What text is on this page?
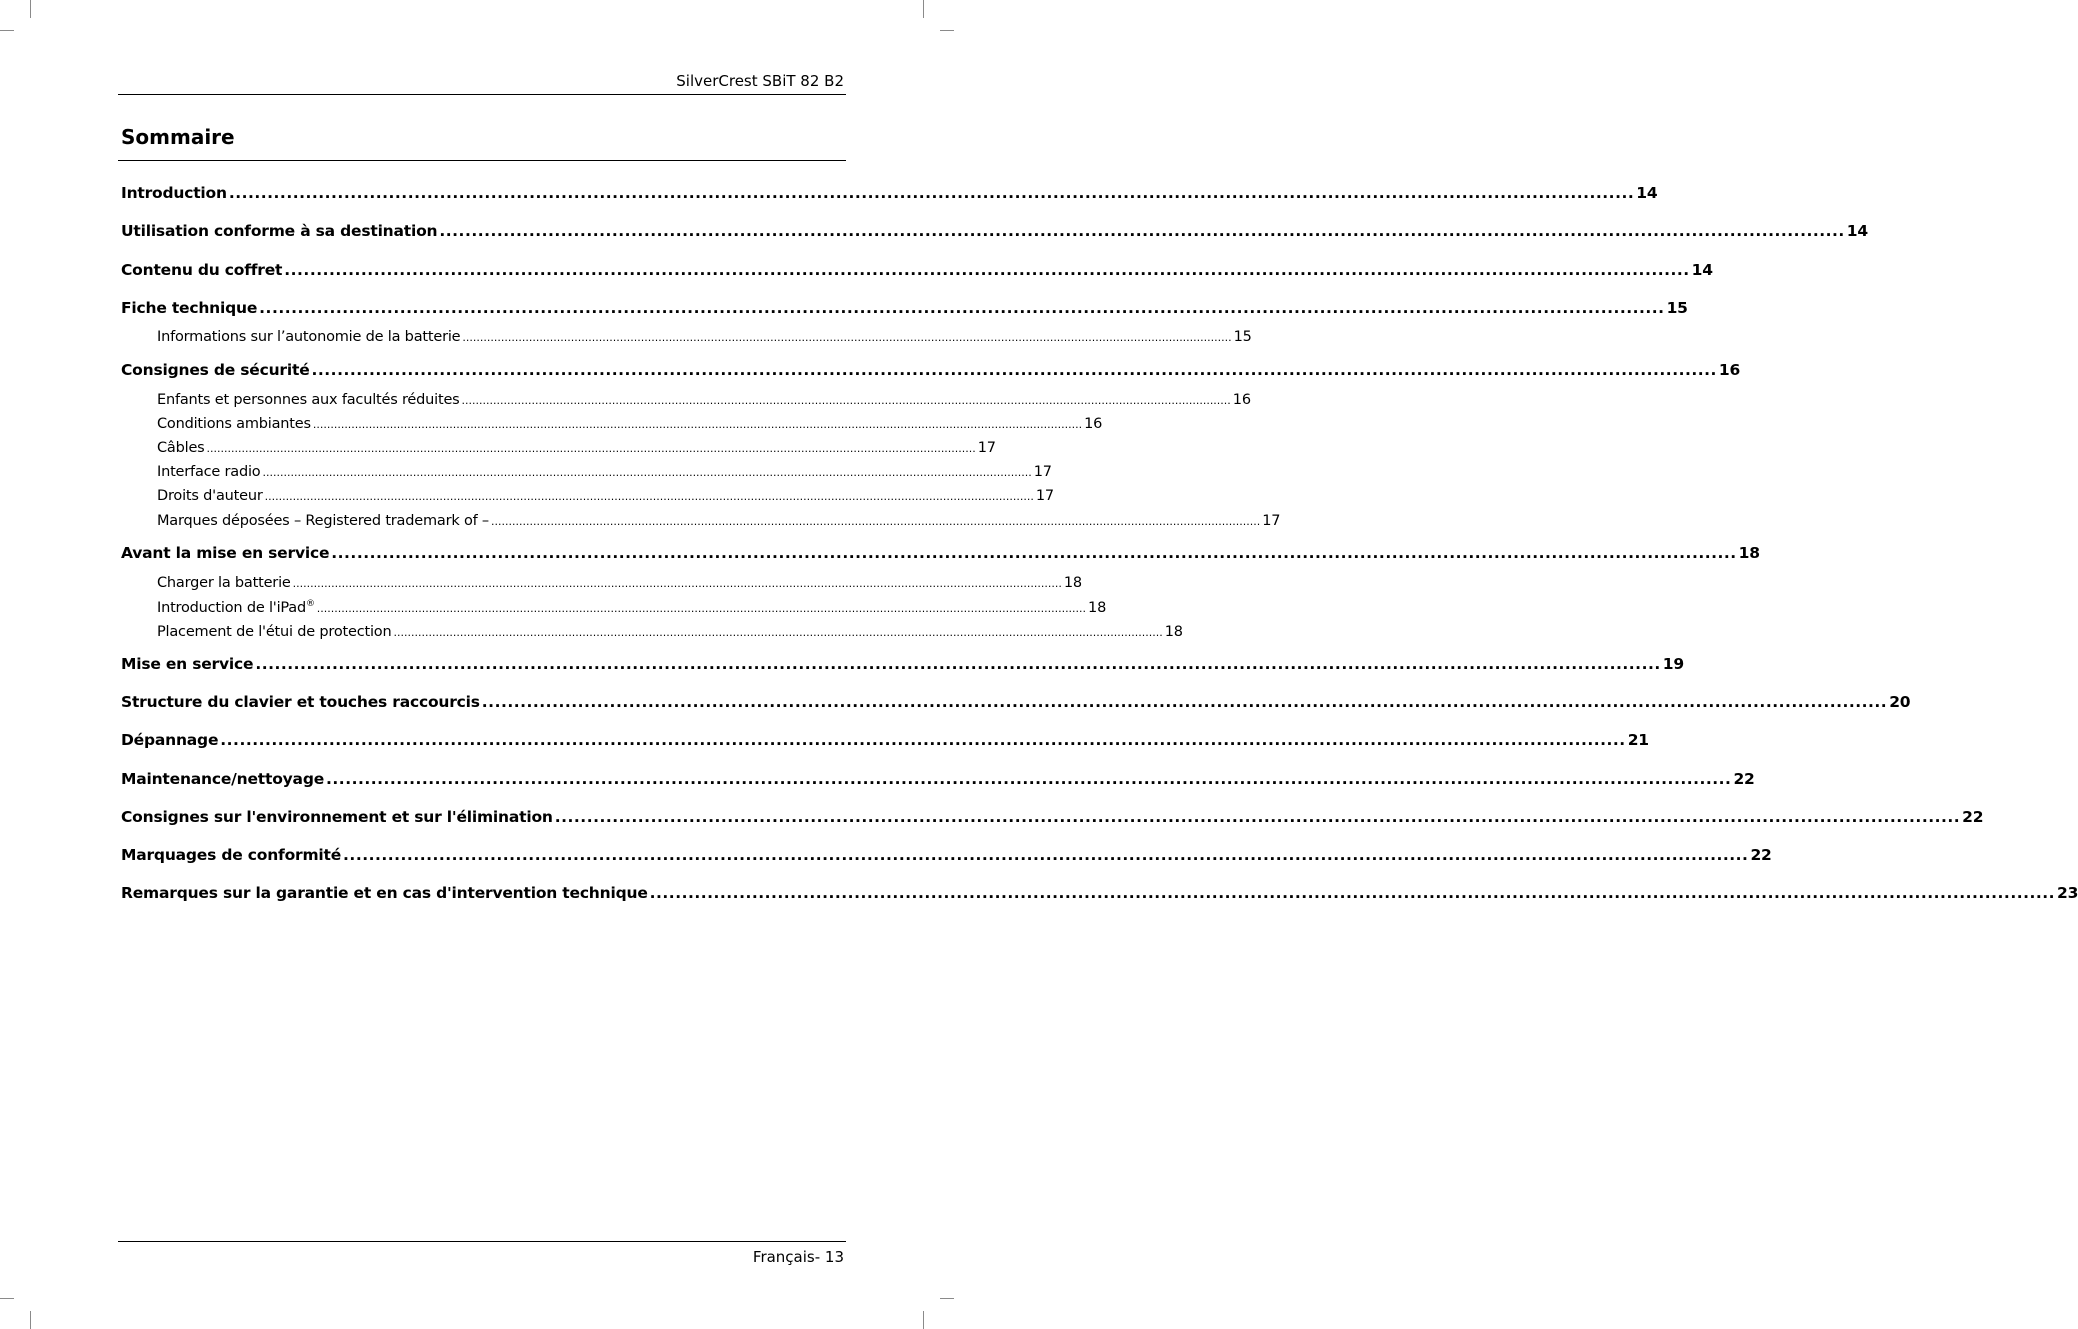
SilverCrest SBiT 82 B2
Sommaire
Introduction ............................................................................................................................................................................................................................ 14
Utilisation conforme à sa destination ............................................................................................................................................................................................................................ 14
Contenu du coffret ............................................................................................................................................................................................................................ 14
Fiche technique ............................................................................................................................................................................................................................ 15
Informations sur l’autonomie de la batterie ............................................................................................................................................................................................................................ 15
Consignes de sécurité ............................................................................................................................................................................................................................ 16
Enfants et personnes aux facultés réduites ............................................................................................................................................................................................................................ 16
Conditions ambiantes ............................................................................................................................................................................................................................ 16
Câbles ............................................................................................................................................................................................................................ 17
Interface radio ............................................................................................................................................................................................................................ 17
Droits d'auteur ............................................................................................................................................................................................................................ 17
Marques déposées – Registered trademark of – ............................................................................................................................................................................................................................ 17
Avant la mise en service ............................................................................................................................................................................................................................ 18
Charger la batterie ............................................................................................................................................................................................................................ 18
Introduction de l'iPad® ............................................................................................................................................................................................................................ 18
Placement de l'étui de protection ............................................................................................................................................................................................................................ 18
Mise en service ............................................................................................................................................................................................................................ 19
Structure du clavier et touches raccourcis ............................................................................................................................................................................................................................ 20
Dépannage ............................................................................................................................................................................................................................ 21
Maintenance/nettoyage ............................................................................................................................................................................................................................ 22
Consignes sur l'environnement et sur l'élimination ............................................................................................................................................................................................................................ 22
Marquages de conformité ............................................................................................................................................................................................................................ 22
Remarques sur la garantie et en cas d'intervention technique ............................................................................................................................................................................................................................ 23
Français- 13
